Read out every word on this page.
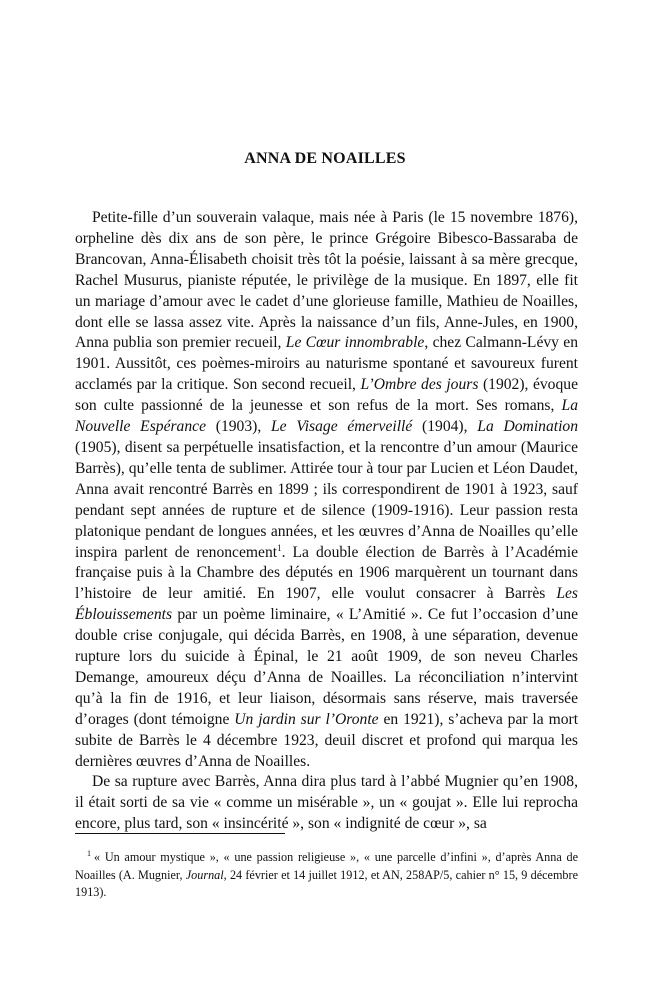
ANNA DE NOAILLES

Petite-fille d’un souverain valaque, mais née à Paris (le 15 novembre 1876), orpheline dès dix ans de son père, le prince Grégoire Bibesco-Bassaraba de Brancovan, Anna-Élisabeth choisit très tôt la poésie, laissant à sa mère grecque, Rachel Musurus, pianiste réputée, le privilège de la musique. En 1897, elle fit un mariage d’amour avec le cadet d’une glorieuse famille, Mathieu de Noailles, dont elle se lassa assez vite. Après la naissance d’un fils, Anne-Jules, en 1900, Anna publia son premier recueil, Le Cœur innombrable, chez Calmann-Lévy en 1901. Aussitôt, ces poèmes-miroirs au naturisme spontané et savoureux furent acclamés par la critique. Son second recueil, L’Ombre des jours (1902), évoque son culte passionné de la jeunesse et son refus de la mort. Ses romans, La Nouvelle Espérance (1903), Le Visage émerveillé (1904), La Domination (1905), disent sa perpétuelle insatisfaction, et la rencontre d’un amour (Maurice Barrès), qu’elle tenta de sublimer. Attirée tour à tour par Lucien et Léon Daudet, Anna avait rencontré Barrès en 1899 ; ils correspondirent de 1901 à 1923, sauf pendant sept années de rupture et de silence (1909-1916). Leur passion resta platonique pendant de longues années, et les œuvres d’Anna de Noailles qu’elle inspira parlent de renoncement$^1$. La double élection de Barrès à l’Académie française puis à la Chambre des députés en 1906 marquèrent un tournant dans l’histoire de leur amitié. En 1907, elle voulut consacrer à Barrès Les Éblouissements par un poème liminaire, « L’Amitié ». Ce fut l’occasion d’une double crise conjugale, qui décida Barrès, en 1908, à une séparation, devenue rupture lors du suicide à Épinal, le 21 août 1909, de son neveu Charles Demange, amoureux déçu d’Anna de Noailles. La réconciliation n’intervint qu’à la fin de 1916, et leur liaison, désormais sans réserve, mais traversée d’orages (dont témoigne Un jardin sur l’Oronte en 1921), s’acheva par la mort subite de Barrès le 4 décembre 1923, deuil discret et profond qui marqua les dernières œuvres d’Anna de Noailles.

De sa rupture avec Barrès, Anna dira plus tard à l’abbé Mugnier qu’en 1908, il était sorti de sa vie « comme un misérable », un « goujat ». Elle lui reprocha encore, plus tard, son « insincérité », son « indignité de cœur », sa

$^1$ « Un amour mystique », « une passion religieuse », « une parcelle d’infini », d’après Anna de Noailles (A. Mugnier, Journal, 24 février et 14 juillet 1912, et AN, 258AP/5, cahier n° 15, 9 décembre 1913).
